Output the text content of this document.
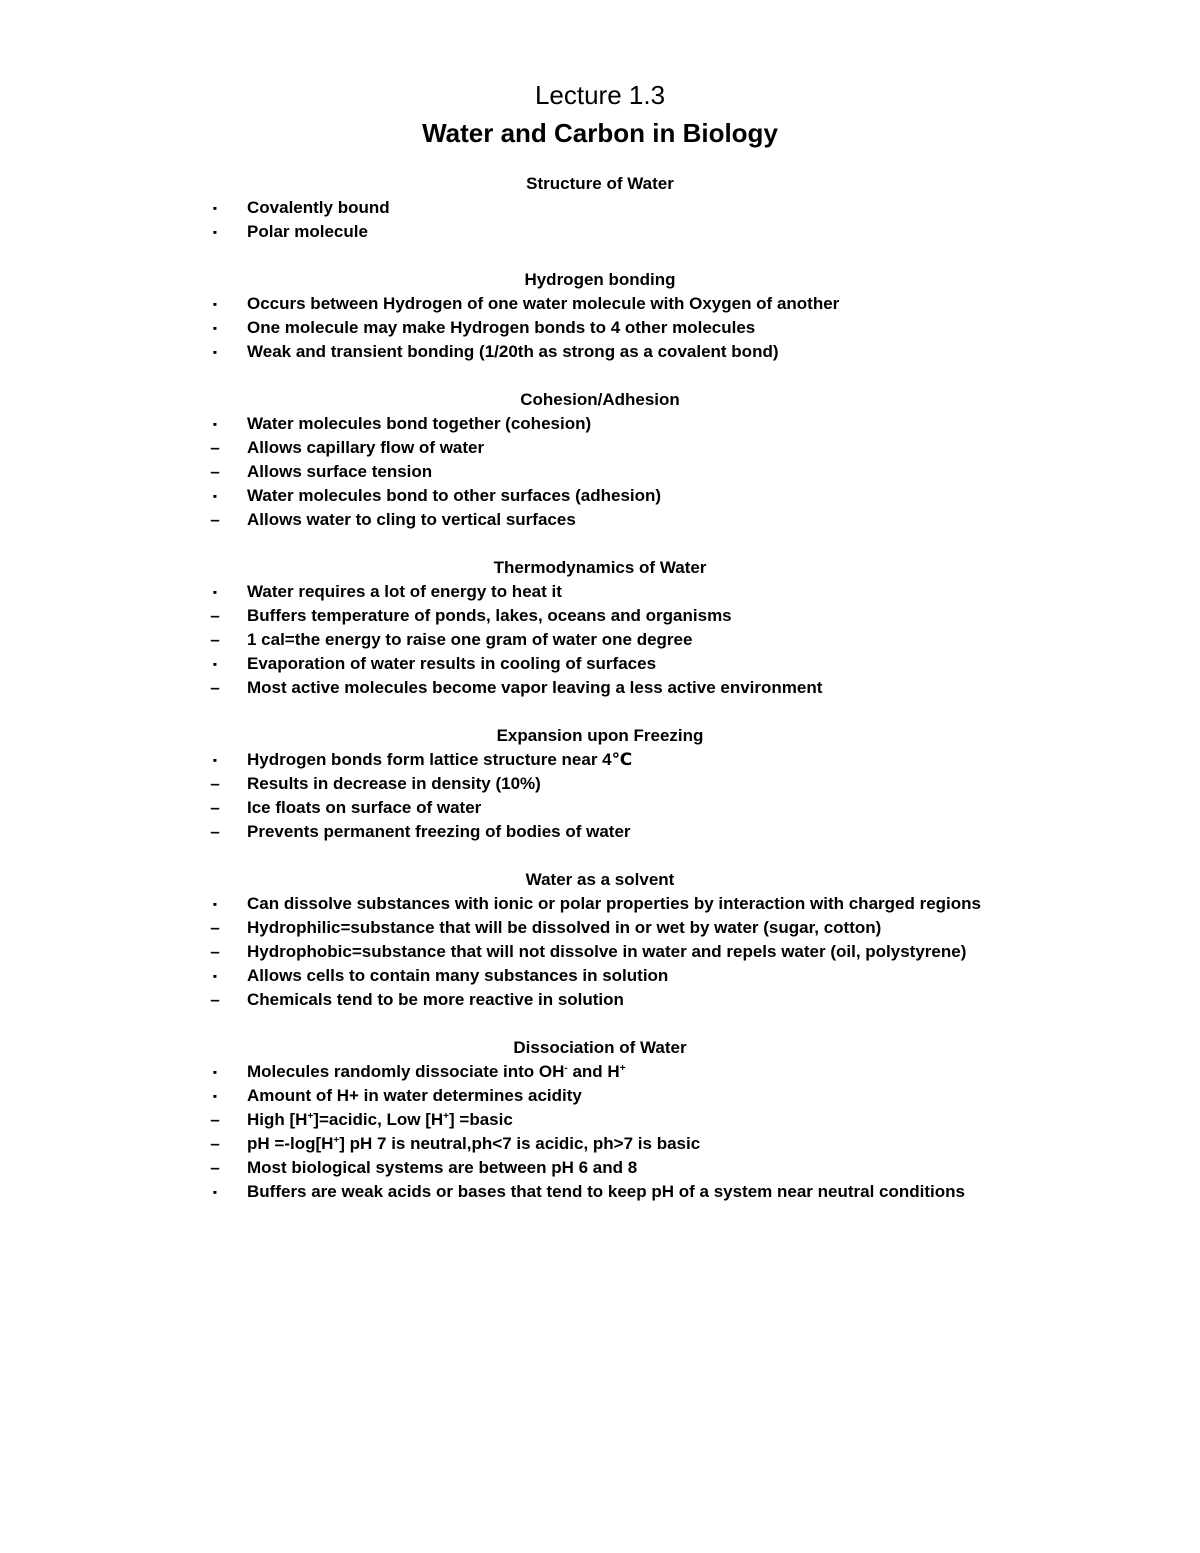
Lecture 1.3
Water and Carbon in Biology
Structure of Water
▪	Covalently bound
▪	Polar molecule
Hydrogen bonding
▪	Occurs between Hydrogen of one water molecule with Oxygen of another
▪	One molecule may make Hydrogen bonds to 4 other molecules
▪	Weak and transient bonding (1/20th as strong as a covalent bond)
Cohesion/Adhesion
▪	Water molecules bond together (cohesion)
–	Allows capillary flow of water
–	Allows surface tension
▪	Water molecules bond to other surfaces (adhesion)
–	Allows water to cling to vertical surfaces
Thermodynamics of Water
▪	Water requires a lot of energy to heat it
–	Buffers temperature of ponds, lakes, oceans and organisms
–	1 cal=the energy to raise one gram of water one degree
▪	Evaporation of water results in cooling of surfaces
–	Most active molecules become vapor leaving a less active environment
Expansion upon Freezing
▪	Hydrogen bonds form lattice structure near 4℃
–	Results in decrease in density (10%)
–	Ice floats on surface of water
–	Prevents permanent freezing of bodies of water
Water as a solvent
▪	Can dissolve substances with ionic or polar properties by interaction with charged regions
–	Hydrophilic=substance that will be dissolved in or wet by water (sugar, cotton)
–	Hydrophobic=substance that will not dissolve in water and repels water (oil, polystyrene)
▪	Allows cells to contain many substances in solution
–	Chemicals tend to be more reactive in solution
Dissociation of Water
▪	Molecules randomly dissociate into OH- and H+
▪	Amount of H+ in water determines acidity
–	High [H+]=acidic, Low [H+] =basic
–	pH =-log[H+] pH 7 is neutral,ph<7 is acidic, ph>7 is basic
–	Most biological systems are between pH 6 and 8
▪	Buffers are weak acids or bases that tend to keep pH of a system near neutral conditions
